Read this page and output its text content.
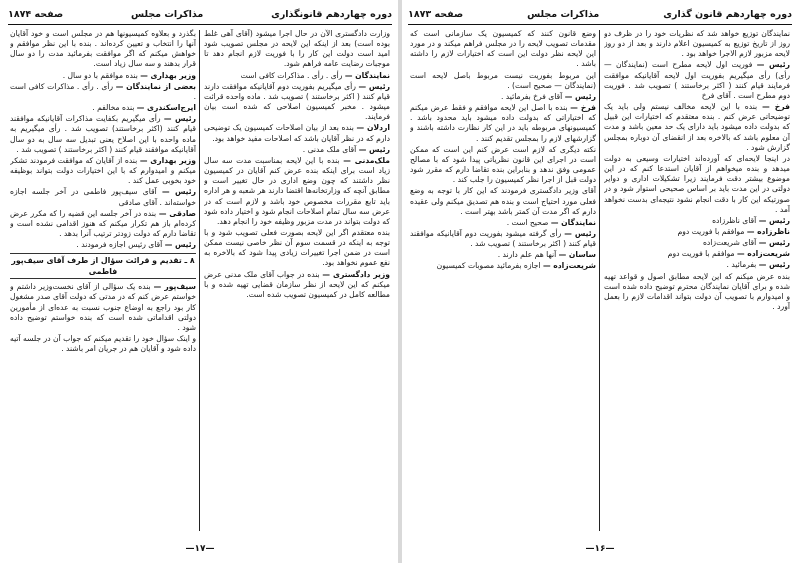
دوره چهاردهم قانونگذاری
مذاکرات مجلس
صفحه ۱۸۷۴
وزارت دادگستری الآن در حال اجرا میشود (آقای آهی غلط بوده است) بعد از اینکه این لایحه در مجلس تصویب شود امید است دولت این کار را با فوریت لازم انجام دهد تا موجبات رضایت عامه فراهم شود.
نمایندگان — رأی . رأی . مذاکرات کافی است
رئیس — رأی میگیریم بفوریت دوم آقایانیکه موافقت دارند قیام کنند ( اکثر برخاستند ) تصویب شد . ماده واحده قرائت میشود . مخبر کمیسیون اصلاحی که شده است بیان فرمایند.
اردلان — بنده بعد از بیان اصلاحات کمیسیون یک توضیحی دارم که در نظر آقایان باشد که اصلاحات مفید خواهد بود.
رئیس — آقای ملک مدنی .
ملک‌مدنی — بنده با این لایحه بمناسبت مدت سه سال زیاد است برای اینکه بنده عرض کنم آقایان در کمیسیون نظر داشتند که چون وضع اداری در حال تغییر است و مطابق آنچه که وزارتخانه‌ها اقتضا دارند هر شعبه و هر اداره باید تابع مقررات مخصوص خود باشد و لازم است که در عرض سه سال تمام اصلاحات انجام شود و اختیار داده شود که دولت بتواند در مدت مزبور وظیفه خود را انجام دهد.
بنده معتقدم اگر این لایحه بصورت فعلی تصویب شود و با توجه به اینکه در قسمت سوم آن نظر خاصی نیست ممکن است در ضمن اجرا تغییرات زیادی پیدا شود که بالاخره به نفع عموم نخواهد بود.
وزیر دادگستری — بنده در جواب آقای ملک مدنی عرض میکنم که این لایحه از نظر سازمان قضایی تهیه شده و با مطالعه کامل در کمیسیون تصویب شده است.
بگذرد و بعلاوه کمیسیونها هم در مجلس است و خود آقایان آنها را انتخاب و تعیین کرده‌اند . بنده با این نظر موافقم و خواهش میکنم که اگر موافقت بفرمائید مدت را دو سال قرار بدهند و سه سال زیاد است.
وزیر بهداری — بنده موافقم با دو سال .
بعضی از نمایندگان — رأی . رأی . مذاکرات کافی است .
ایرج‌اسکندری — بنده مخالفم .
رئیس — رأی میگیریم بکفایت مذاکرات آقایانیکه موافقند قیام کنند (اکثر برخاستند) تصویب شد . رأی میگیریم به ماده واحده با این اصلاح یعنی تبدیل سه سال به دو سال آقایانیکه موافقند قیام کنند ( اکثر برخاستند ) تصویب شد .
وزیر بهداری — بنده از آقایان که موافقت فرمودند تشکر میکنم و امیدوارم که با این اختیارات دولت بتواند بوظیفه خود بخوبی عمل کند .
رئیس — آقای سیف‌پور فاطمی در آخر جلسه اجازه خواسته‌اند . آقای صادقی
صادقی — بنده در آخر جلسه این قضیه را که مکرر عرض کرده‌ام باز هم تکرار میکنم که هنوز اقدامی نشده است و تقاضا دارم که دولت زودتر ترتیب آنرا بدهد .
رئیس — آقای رئیس اجازه فرمودند .
۸ ـ تقدیم و قرائت سؤال از طرف آقای سیف‌پور فاطمی
سیف‌پور — بنده یک سؤالی از آقای نخست‌وزیر داشتم و خواستم عرض کنم که در مدتی که دولت آقای صدر مشغول کار بود راجع به اوضاع جنوب نسبت به عده‌ای از مأمورین دولتی اقداماتی شده است که بنده خواستم توضیح داده شود .
و اینک سؤال خود را تقدیم میکنم که جواب آن در جلسه آتیه داده شود و آقایان هم در جریان امر باشند .
—۱۷—
دوره چهاردهم قانون گذاری
مذاکرات مجلس
صفحه ۱۸۷۳
نمایندگان توزیع خواهد شد که نظریات خود را در ظرف دو روز از تاریخ توزیع به کمیسیون اعلام دارند و بعد از دو روز لایحه مزبور لازم الاجرا خواهد بود .
رئیس — فوریت اول لایحه مطرح است (نمایندگان — رأی) رأی میگیریم بفوریت اول لایحه آقایانیکه موافقت فرمایند قیام کنند ( اکثر برخاستند ) تصویب شد . فوریت دوم مطرح است . آقای فرخ
فرخ — بنده با این لایحه مخالف نیستم ولی باید یک توضیحاتی عرض کنم . بنده معتقدم که اختیارات این قبیل که بدولت داده میشود باید دارای یک حد معین باشد و مدت آن معلوم باشد که بالاخره بعد از انقضای آن دوباره بمجلس گزارش شود .
در اینجا لایحه‌ای که آورده‌اند اختیارات وسیعی به دولت میدهد و بنده میخواهم از آقایان استدعا کنم که در این موضوع بیشتر دقت فرمایند زیرا تشکیلات اداری و دوایر دولتی در این مدت باید بر اساس صحیحی استوار شود و در صورتیکه این کار با دقت انجام نشود نتیجه‌ای بدست نخواهد آمد .
رئیس — آقای ناظرزاده
ناظرزاده — موافقم با فوریت دوم
رئیس — آقای شریعت‌زاده
شریعت‌زاده — موافقم با فوریت دوم
رئیس — بفرمائید .
بنده عرض میکنم که این لایحه مطابق اصول و قواعد تهیه شده و برای آقایان نمایندگان محترم توضیح داده شده است و امیدوارم با تصویب آن دولت بتواند اقدامات لازم را بعمل آورد .
وضع قانون کنند که کمیسیون یک سازمانی است که مقدمات تصویب لایحه را در مجلس فراهم میکند و در مورد این لایحه نظر دولت این است که اختیارات لازم را داشته باشد .
این مربوط بفوریت نیست مربوط باصل لایحه است (نمایندگان — صحیح است) .
رئیس — آقای فرخ بفرمائید .
فرخ — بنده با اصل این لایحه موافقم و فقط عرض میکنم که اختیاراتی که بدولت داده میشود باید محدود باشد . کمیسیونهای مربوطه باید در این کار نظارت داشته باشند و گزارشهای لازم را بمجلس تقدیم کنند .
نکته دیگری که لازم است عرض کنم این است که ممکن است در اجرای این قانون نظریاتی پیدا شود که با مصالح عمومی وفق ندهد و بنابراین بنده تقاضا دارم که مقرر شود دولت قبل از اجرا نظر کمیسیون را جلب کند .
آقای وزیر دادگستری فرمودند که این کار با توجه به وضع فعلی مورد احتیاج است و بنده هم تصدیق میکنم ولی عقیده دارم که اگر مدت آن کمتر باشد بهتر است .
نمایندگان — صحیح است .
رئیس — رأی گرفته میشود بفوریت دوم آقایانیکه موافقند قیام کنند ( اکثر برخاستند ) تصویب شد .
ساسان — آنها هم علم دارند .
شریعت‌زاده — اجازه بفرمائید مصوبات کمیسیون
—۱۶—
